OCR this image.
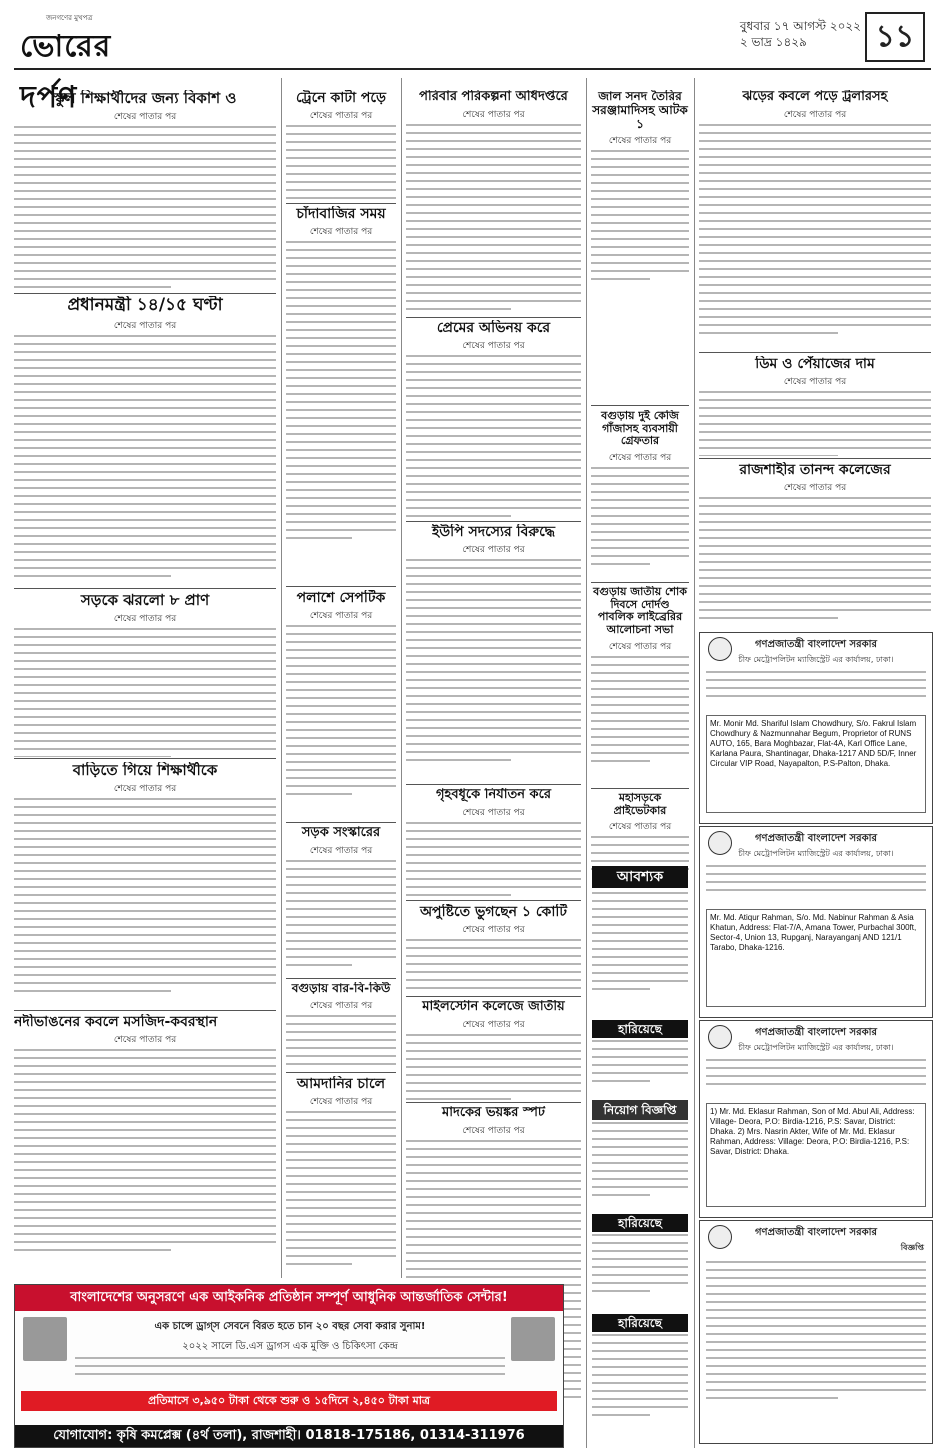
জনগণের মুখপত্র
ভোরের দর্পণ
বুধবার ১৭ আগস্ট ২০২২
২ ভাদ্র ১৪২৯	১১
স্কুল শিক্ষার্থীদের জন্য বিকাশ ও
শেষের পাতার পর
প্রধানমন্ত্রী ১৪/১৫ ঘণ্টা
শেষের পাতার পর
সড়কে ঝরলো ৮ প্রাণ
শেষের পাতার পর
বাড়িতে গিয়ে শিক্ষার্থীকে
শেষের পাতার পর
নদীভাঙনের কবলে মসজিদ-কবরস্থান
শেষের পাতার পর
ট্রেনে কাটা পড়ে
শেষের পাতার পর
চাঁদাবাজির সময়
শেষের পাতার পর
পলাশে সেপটিক
শেষের পাতার পর
সড়ক সংস্কারের
শেষের পাতার পর
বগুড়ায় বার-বি-কিউ
শেষের পাতার পর
আমদানির চালে
শেষের পাতার পর
পরিবার পরিকল্পনা অধিদপ্তরে
শেষের পাতার পর
প্রেমের অভিনয় করে
শেষের পাতার পর
ইউপি সদস্যের বিরুদ্ধে
শেষের পাতার পর
গৃহবধূকে নির্যাতন করে
শেষের পাতার পর
অপুষ্টিতে ভুগছেন ১ কোটি
শেষের পাতার পর
মাইলস্টোন কলেজে জাতীয়
শেষের পাতার পর
মাদকের ভয়ঙ্কর স্পট
শেষের পাতার পর
জাল সনদ তৈরির সরঞ্জামাদিসহ আটক ১
শেষের পাতার পর
বগুড়ায় দুই কেজি গাঁজাসহ ব্যবসায়ী গ্রেফতার
শেষের পাতার পর
বগুড়ায় জাতীয় শোক দিবসে দোর্দণ্ড পাবলিক লাইব্রেরির আলোচনা সভা
শেষের পাতার পর
মহাসড়কে প্রাইভেটকার
শেষের পাতার পর
আবশ্যক
হারিয়েছে
নিয়োগ বিজ্ঞপ্তি
হারিয়েছে
হারিয়েছে
ঝড়ের কবলে পড়ে ট্রলারসহ
শেষের পাতার পর
ডিম ও পেঁয়াজের দাম
শেষের পাতার পর
রাজশাহীর তানন্দ কলেজের
শেষের পাতার পর
গণপ্রজাতন্ত্রী বাংলাদেশ সরকার
চীফ মেট্রোপলিটন ম্যাজিস্ট্রেট এর কার্যালয়, ঢাকা।
Mr. Monir Md. Shariful Islam Chowdhury, S/o. Fakrul Islam Chowdhury & Nazmunnahar Begum, Proprietor of RUNS AUTO, 165, Bara Moghbazar, Flat-4A, Karl Office Lane, Karlana Paura, Shantinagar, Dhaka-1217 AND 5D/F, Inner Circular VIP Road, Nayapalton, P.S-Palton, Dhaka.
গণপ্রজাতন্ত্রী বাংলাদেশ সরকার
চীফ মেট্রোপলিটন ম্যাজিস্ট্রেট এর কার্যালয়, ঢাকা।
Mr. Md. Atiqur Rahman, S/o. Md. Nabinur Rahman & Asia Khatun, Address: Flat-7/A, Amana Tower, Purbachal 300ft, Sector-4, Union 13, Rupganj, Narayanganj AND 121/1 Tarabo, Dhaka-1216.
গণপ্রজাতন্ত্রী বাংলাদেশ সরকার
চীফ মেট্রোপলিটন ম্যাজিস্ট্রেট এর কার্যালয়, ঢাকা।
1) Mr. Md. Eklasur Rahman, Son of Md. Abul Ali, Address: Village- Deora, P.O: Birdia-1216, P.S: Savar, District: Dhaka. 2) Mrs. Nasrin Akter, Wife of Mr. Md. Eklasur Rahman, Address: Village: Deora, P.O: Birdia-1216, P.S: Savar, District: Dhaka.
গণপ্রজাতন্ত্রী বাংলাদেশ সরকার
বিজ্ঞপ্তি
বাংলাদেশের অনুসরণে এক আইকনিক প্রতিষ্ঠান সম্পূর্ণ আধুনিক আন্তর্জাতিক সেন্টার!
এক চান্সে ড্রাগ্‌স সেবনে বিরত হতে চান ২০ বছর সেবা করার সুনাম!
২০২২ সালে ডি.এস ড্রাগস এক মুক্তি ও চিকিৎসা কেন্দ্র
প্রতিমাসে ৩,৯৫০ টাকা থেকে শুরু ও ১৫দিনে ২,৪৫০ টাকা মাত্র
যোগাযোগ: কৃষি কমপ্লেক্স (৪র্থ তলা), রাজশাহী। 01818-175186, 01314-311976
